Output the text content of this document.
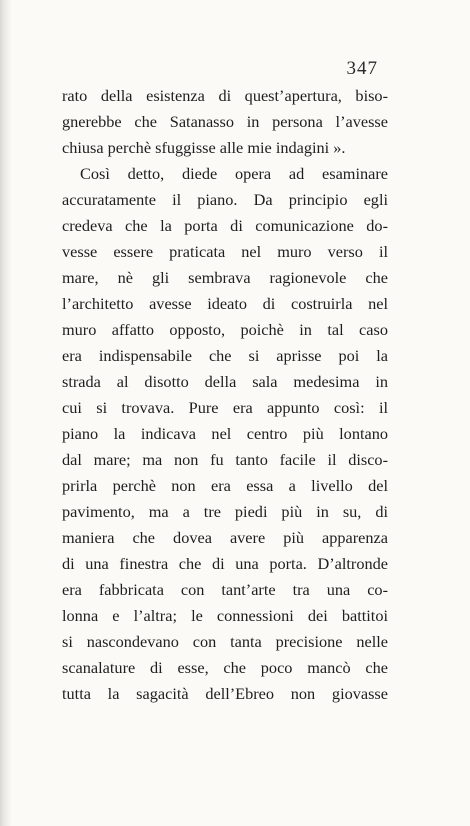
347
rato della esistenza di quest’apertura, biso-
gnerebbe che Satanasso in persona l’avesse
chiusa perchè sfuggisse alle mie indagini ».
Così detto, diede opera ad esaminare
accuratamente il piano. Da principio egli
credeva che la porta di comunicazione do-
vesse essere praticata nel muro verso il
mare, nè gli sembrava ragionevole che
l’architetto avesse ideato di costruirla nel
muro affatto opposto, poichè in tal caso
era indispensabile che si aprisse poi la
strada al disotto della sala medesima in
cui si trovava. Pure era appunto così: il
piano la indicava nel centro più lontano
dal mare; ma non fu tanto facile il disco-
prirla perchè non era essa a livello del
pavimento, ma a tre piedi più in su, di
maniera che dovea avere più apparenza
di una finestra che di una porta. D’altronde
era fabbricata con tant’arte tra una co-
lonna e l’altra; le connessioni dei battitoi
si nascondevano con tanta precisione nelle
scanalature di esse, che poco mancò che
tutta la sagacità dell’Ebreo non giovasse
